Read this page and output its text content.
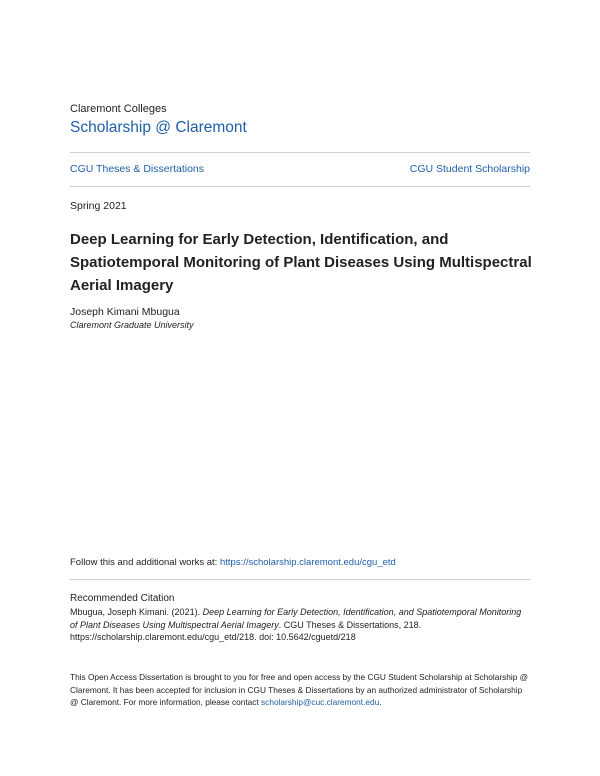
Claremont Colleges
Scholarship @ Claremont
CGU Theses & Dissertations	CGU Student Scholarship
Spring 2021
Deep Learning for Early Detection, Identification, and
Spatiotemporal Monitoring of Plant Diseases Using Multispectral
Aerial Imagery
Joseph Kimani Mbugua
Claremont Graduate University
Follow this and additional works at: https://scholarship.claremont.edu/cgu_etd
Recommended Citation
Mbugua, Joseph Kimani. (2021). Deep Learning for Early Detection, Identification, and Spatiotemporal Monitoring of Plant Diseases Using Multispectral Aerial Imagery. CGU Theses & Dissertations, 218. https://scholarship.claremont.edu/cgu_etd/218. doi: 10.5642/cguetd/218
This Open Access Dissertation is brought to you for free and open access by the CGU Student Scholarship at Scholarship @ Claremont. It has been accepted for inclusion in CGU Theses & Dissertations by an authorized administrator of Scholarship @ Claremont. For more information, please contact scholarship@cuc.claremont.edu.
